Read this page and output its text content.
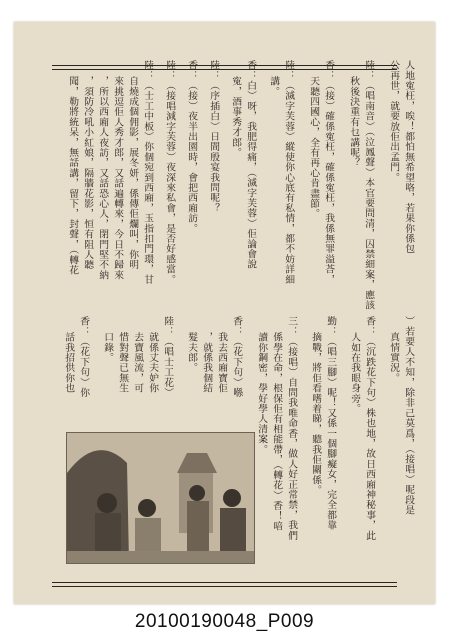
人地寃枉，唉！都怕無希望咯，若果你係包
公再世，就要放佢出孟門。
陸：（唱南音）（泣鳳聲）本官要問清，囚禁細案，應該
秋後決重有乜講呢？
香：（接）確係寃枉，確係寃枉，我係無罪溢荅，
天聽四國心，全有再心肯盡節。
陸：（滅字芙蓉）縱使你心底有私情，都不妨詳細
講。
香：白）呀，我肥得痛，（滅字芙蓉）佢論會說
寃，酒事秀才郎。
陸：（序插白）日間殷宴我問呢？
香：（接）夜半出園時，會把西廂訪。
陸：（接唱減字芙蓉）夜深來私會，是否好感當。
陸：（士工中板）你個宛到西廂，玉指扣門環，甘
自燒成個佣影，展冬妍，係傳佢爛叫，你明
來挑逗佢人秀才郎，又話遍轉來，今日不歸來
，所以西廂人夜訪，又話恐心人，閉門堅不納
，須防冷吼小紅娘，隔牆花影，恒有阻人聽
聞，勒將統呆，無話講，留下，封聲，（轉花
）若要人不知，除非己莫爲，（接唱）呢段是
真情實況。
香：（沉跌花下句）株也地，故日西廂神秘事，此
人如在我眼身旁。
勤：（唱三腳）呢！又係一個腳癡女，完全都靠
摘戰，將佢看嗜着睇，聽我佢關係。
三：（接唱）自問我唯命香，做人好正常禁，我們
係學在命，根保佢有相能帶，（轉花）香！喑
讀你鋼密，學好學人清案。
香：（花下句）喺
我去西廂寶佢
，就係我個結
髮夫郎。
陸：（唱士工花）
就係丈夫妒你
去寶風流，可
惜對聲已無生
口錄。
香：（花下句）你
話我招供你也
20100190048_P009
